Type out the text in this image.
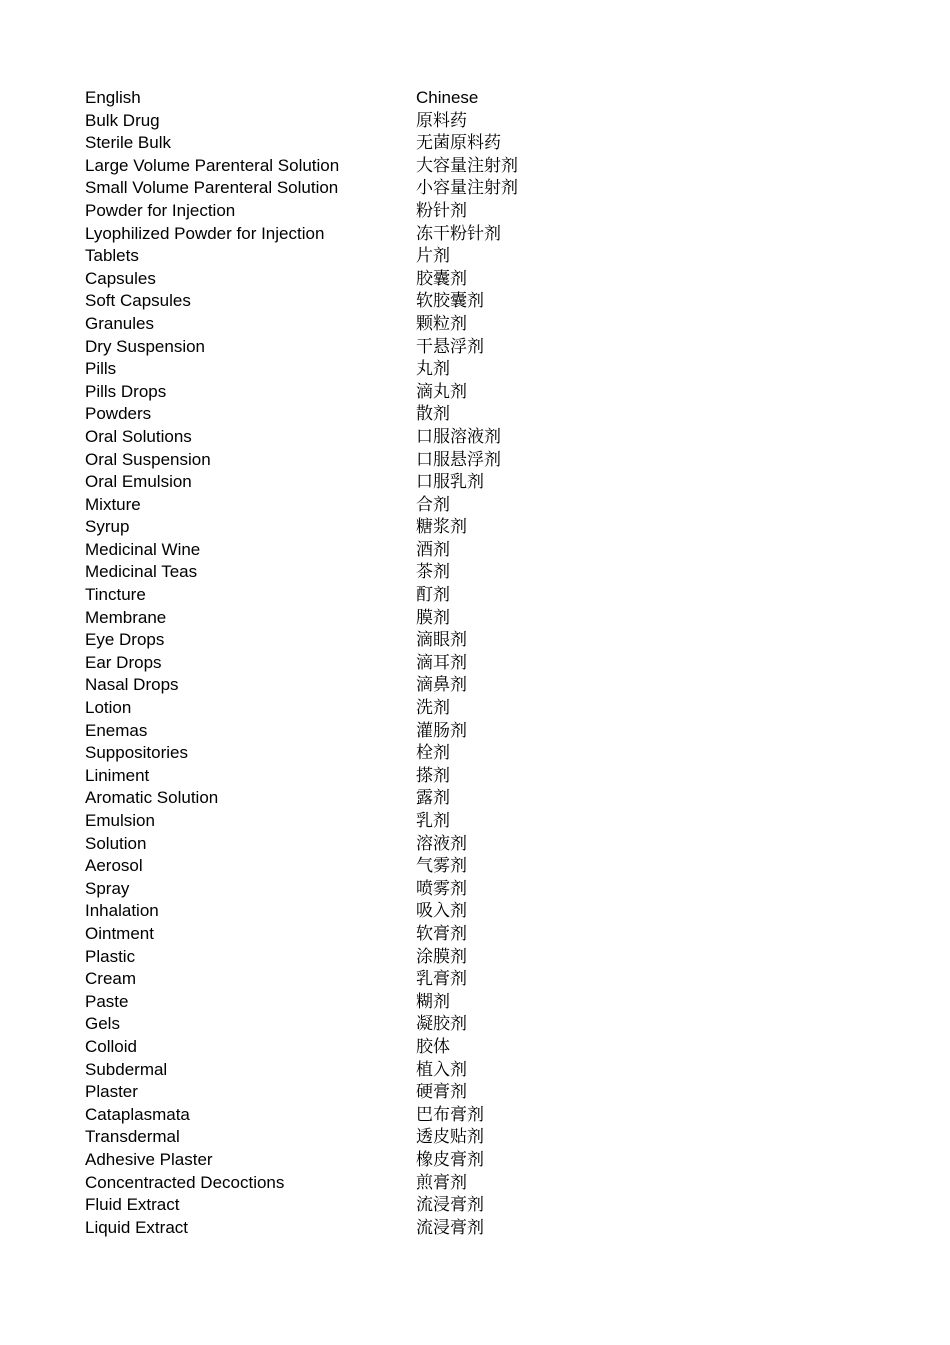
English	Chinese
Bulk Drug	原料药
Sterile Bulk	无菌原料药
Large Volume Parenteral Solution	大容量注射剂
Small Volume Parenteral Solution	小容量注射剂
Powder for Injection	粉针剂
Lyophilized Powder for Injection	冻干粉针剂
Tablets	片剂
Capsules	胶囊剂
Soft Capsules	软胶囊剂
Granules	颗粒剂
Dry Suspension	干悬浮剂
Pills	丸剂
Pills Drops	滴丸剂
Powders	散剂
Oral Solutions	口服溶液剂
Oral Suspension	口服悬浮剂
Oral Emulsion	口服乳剂
Mixture	合剂
Syrup	糖浆剂
Medicinal Wine	酒剂
Medicinal Teas	茶剂
Tincture	酊剂
Membrane	膜剂
Eye Drops	滴眼剂
Ear Drops	滴耳剂
Nasal Drops	滴鼻剂
Lotion	洗剂
Enemas	灌肠剂
Suppositories	栓剂
Liniment	搽剂
Aromatic Solution	露剂
Emulsion	乳剂
Solution	溶液剂
Aerosol	气雾剂
Spray	喷雾剂
Inhalation	吸入剂
Ointment	软膏剂
Plastic	涂膜剂
Cream	乳膏剂
Paste	糊剂
Gels	凝胶剂
Colloid	胶体
Subdermal	植入剂
Plaster	硬膏剂
Cataplasmata	巴布膏剂
Transdermal	透皮贴剂
Adhesive Plaster	橡皮膏剂
Concentracted Decoctions	煎膏剂
Fluid Extract	流浸膏剂
Liquid Extract	流浸膏剂
